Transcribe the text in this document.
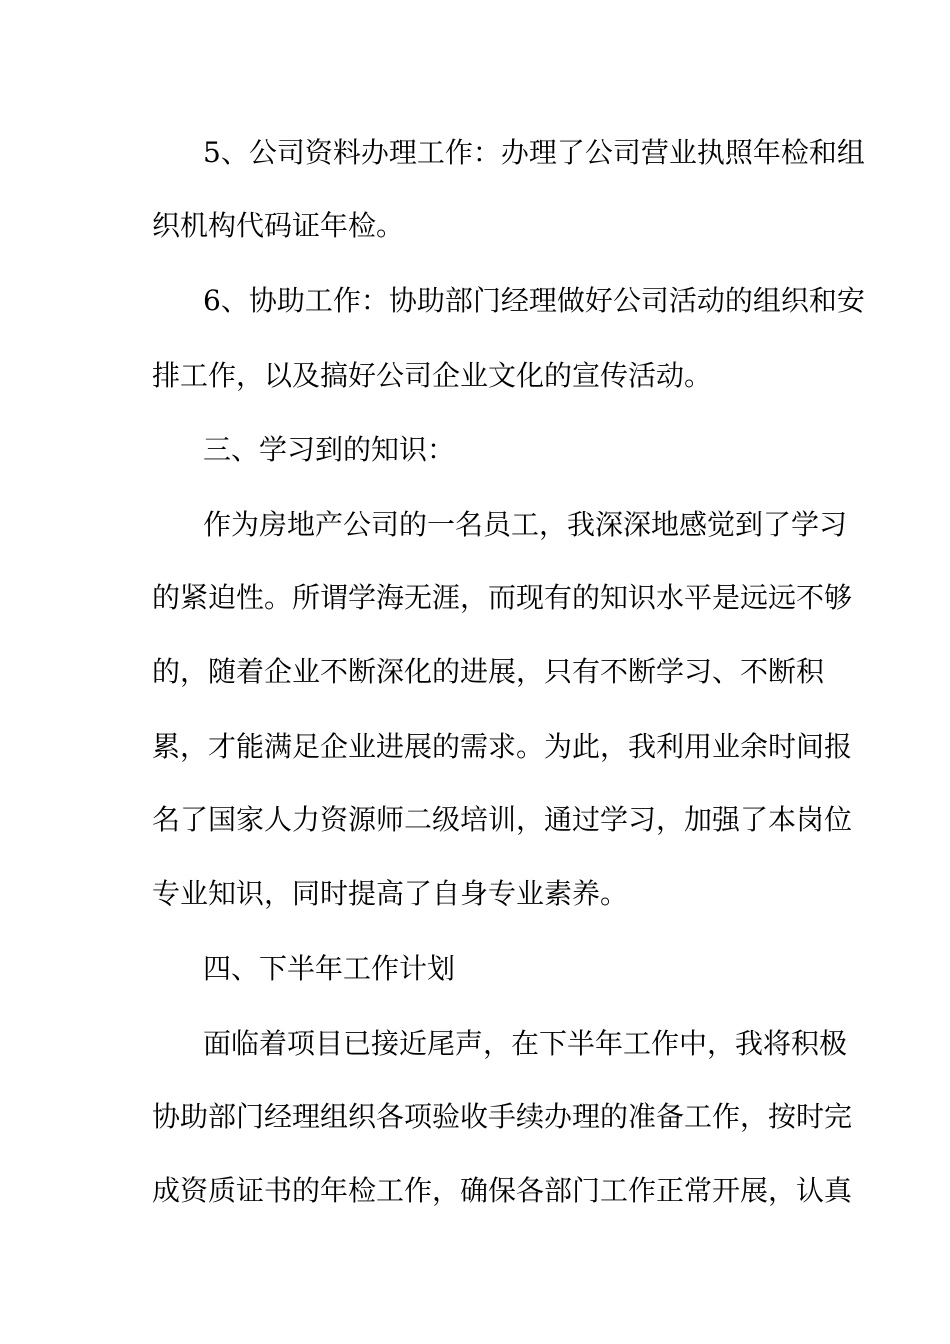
5、公司资料办理工作：办理了公司营业执照年检和组
织机构代码证年检。
6、协助工作：协助部门经理做好公司活动的组织和安
排工作，以及搞好公司企业文化的宣传活动。
三、学习到的知识：
作为房地产公司的一名员工，我深深地感觉到了学习
的紧迫性。所谓学海无涯，而现有的知识水平是远远不够
的，随着企业不断深化的进展，只有不断学习、不断积
累，才能满足企业进展的需求。为此，我利用业余时间报
名了国家人力资源师二级培训，通过学习，加强了本岗位
专业知识，同时提高了自身专业素养。
四、下半年工作计划
面临着项目已接近尾声，在下半年工作中，我将积极
协助部门经理组织各项验收手续办理的准备工作，按时完
成资质证书的年检工作，确保各部门工作正常开展，认真
